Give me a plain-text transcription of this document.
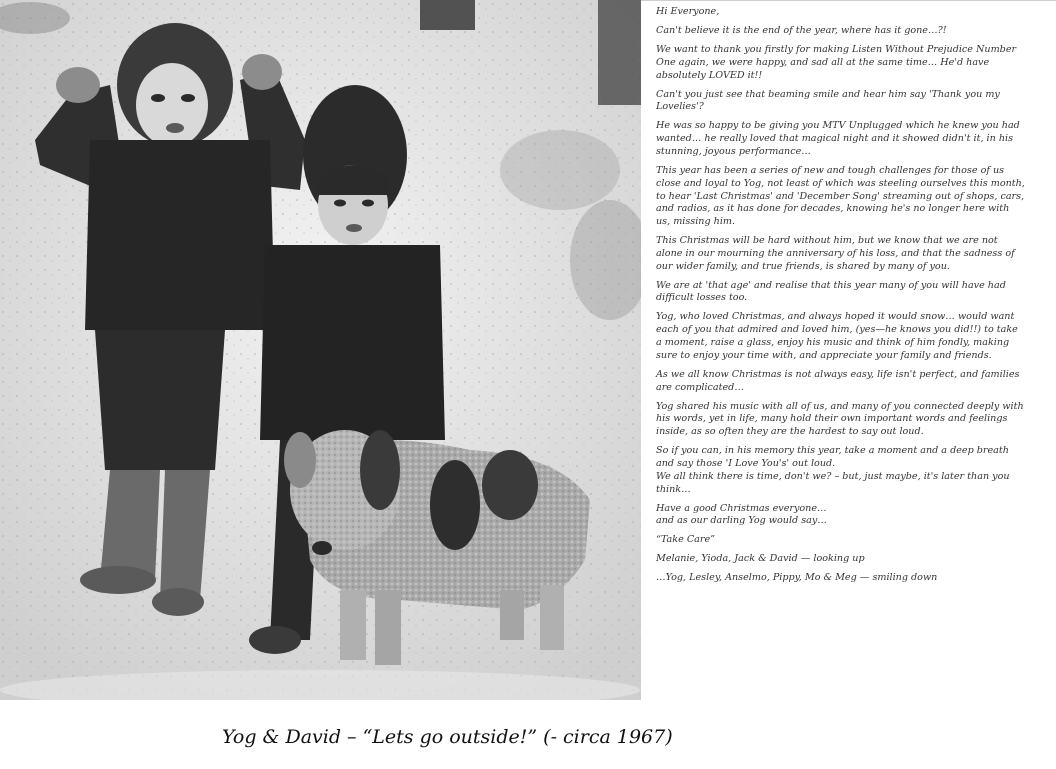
Yog & David – “Lets go outside!” (- circa 1967)

Hi Everyone,

Can't believe it is the end of the year, where has it gone…?!

We want to thank you firstly for making Listen Without Prejudice Number One again, we were happy, and sad all at the same time… He'd have absolutely LOVED it!!

Can't you just see that beaming smile and hear him say 'Thank you my Lovelies'?

He was so happy to be giving you MTV Unplugged which he knew you had wanted… he really loved that magical night and it showed didn't it, in his stunning, joyous performance…

This year has been a series of new and tough challenges for those of us close and loyal to Yog, not least of which was steeling ourselves this month, to hear 'Last Christmas' and 'December Song' streaming out of shops, cars, and radios, as it has done for decades, knowing he's no longer here with us, missing him.

This Christmas will be hard without him, but we know that we are not alone in our mourning the anniversary of his loss, and that the sadness of our wider family, and true friends, is shared by many of you.

We are at 'that age' and realise that this year many of you will have had difficult losses too.

Yog, who loved Christmas, and always hoped it would snow… would want each of you that admired and loved him, (yes—he knows you did!!) to take a moment, raise a glass, enjoy his music and think of him fondly, making sure to enjoy your time with, and appreciate your family and friends.

As we all know Christmas is not always easy, life isn't perfect, and families are complicated…

Yog shared his music with all of us, and many of you connected deeply with his words, yet in life, many hold their own important words and feelings inside, as so often they are the hardest to say out loud.

So if you can, in his memory this year, take a moment and a deep breath and say those 'I Love You's' out loud.
We all think there is time, don't we? – but, just maybe, it's later than you think…

Have a good Christmas everyone…
and as our darling Yog would say…

“Take Care”

Melanie, Yioda, Jack & David — looking up

…Yog, Lesley, Anselmo, Pippy, Mo & Meg — smiling down
